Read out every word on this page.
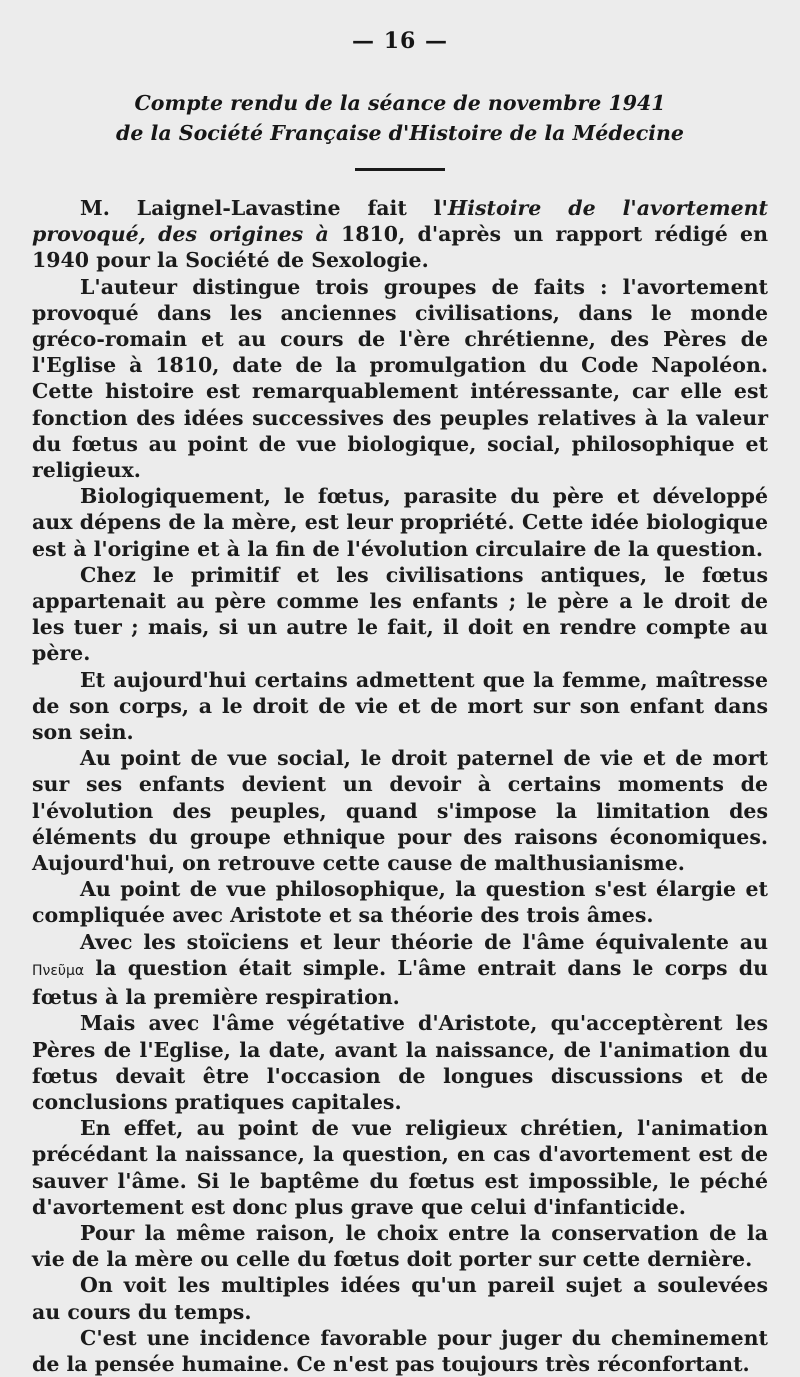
— 16 —
Compte rendu de la séance de novembre 1941
de la Société Française d'Histoire de la Médecine

M. Laignel-Lavastine fait l'Histoire de l'avortement provoqué, des origines à 1810, d'après un rapport rédigé en 1940 pour la Société de Sexologie.

L'auteur distingue trois groupes de faits : l'avortement provoqué dans les anciennes civilisations, dans le monde gréco-romain et au cours de l'ère chrétienne, des Pères de l'Eglise à 1810, date de la promulgation du Code Napoléon. Cette histoire est remarquablement intéressante, car elle est fonction des idées successives des peuples relatives à la valeur du fœtus au point de vue biologique, social, philosophique et religieux.

Biologiquement, le fœtus, parasite du père et développé aux dépens de la mère, est leur propriété. Cette idée biologique est à l'origine et à la fin de l'évolution circulaire de la question.

Chez le primitif et les civilisations antiques, le fœtus appartenait au père comme les enfants ; le père a le droit de les tuer ; mais, si un autre le fait, il doit en rendre compte au père.

Et aujourd'hui certains admettent que la femme, maîtresse de son corps, a le droit de vie et de mort sur son enfant dans son sein.

Au point de vue social, le droit paternel de vie et de mort sur ses enfants devient un devoir à certains moments de l'évolution des peuples, quand s'impose la limitation des éléments du groupe ethnique pour des raisons économiques. Aujourd'hui, on retrouve cette cause de malthusianisme.

Au point de vue philosophique, la question s'est élargie et compliquée avec Aristote et sa théorie des trois âmes.

Avec les stoïciens et leur théorie de l'âme équivalente au Πνεῦμα la question était simple. L'âme entrait dans le corps du fœtus à la première respiration.

Mais avec l'âme végétative d'Aristote, qu'acceptèrent les Pères de l'Eglise, la date, avant la naissance, de l'animation du fœtus devait être l'occasion de longues discussions et de conclusions pratiques capitales.

En effet, au point de vue religieux chrétien, l'animation précédant la naissance, la question, en cas d'avortement est de sauver l'âme. Si le baptême du fœtus est impossible, le péché d'avortement est donc plus grave que celui d'infanticide.

Pour la même raison, le choix entre la conservation de la vie de la mère ou celle du fœtus doit porter sur cette dernière.

On voit les multiples idées qu'un pareil sujet a soulevées au cours du temps.

C'est une incidence favorable pour juger du cheminement de la pensée humaine. Ce n'est pas toujours très réconfortant.
